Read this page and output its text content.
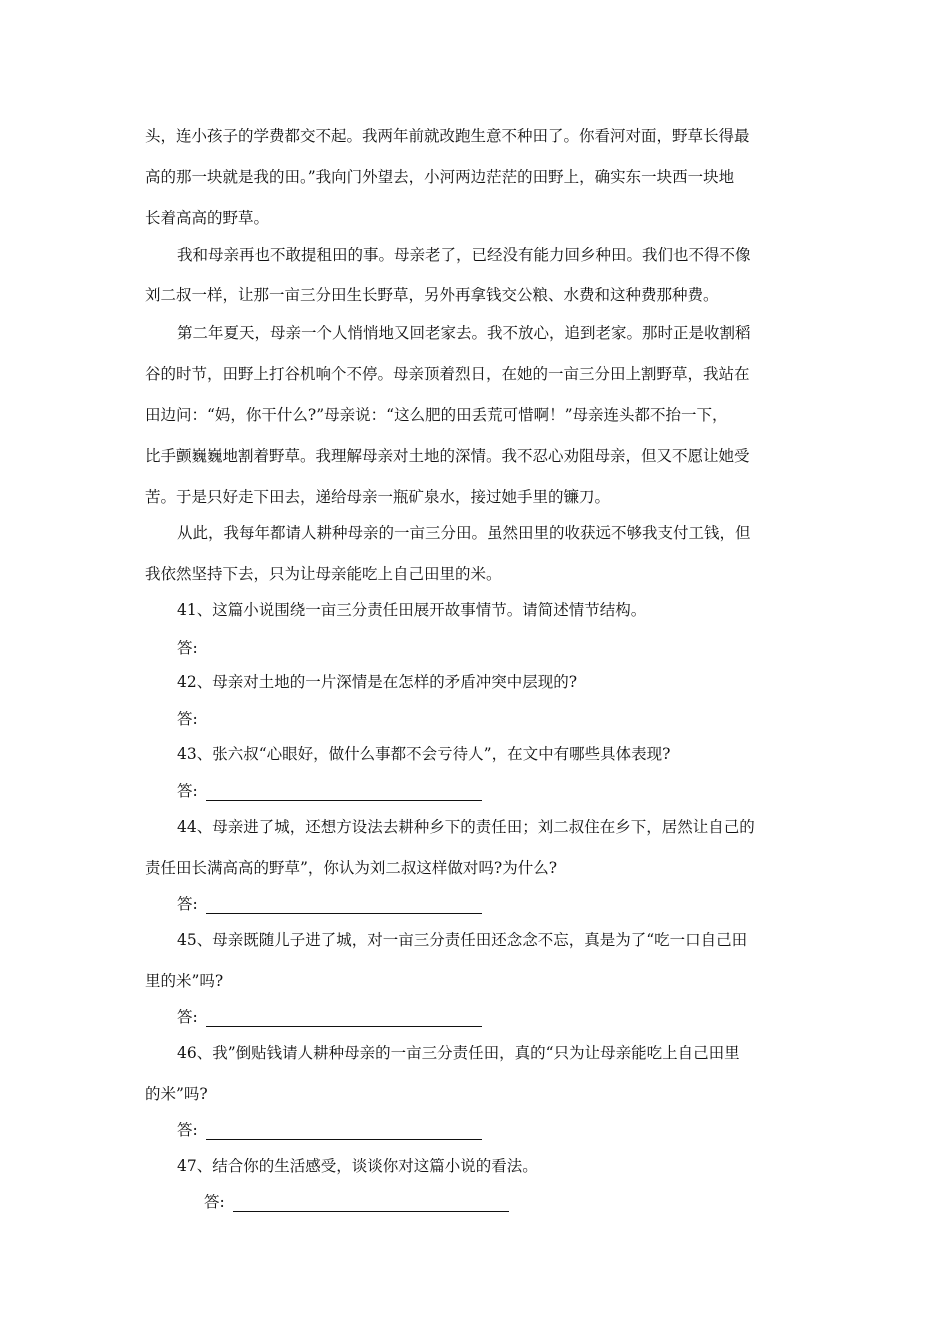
头，连小孩子的学费都交不起。我两年前就改跑生意不种田了。你看河对面，野草长得最
高的那一块就是我的田。”我向门外望去，小河两边茫茫的田野上，确实东一块西一块地
长着高高的野草。
我和母亲再也不敢提租田的事。母亲老了，已经没有能力回乡种田。我们也不得不像
刘二叔一样，让那一亩三分田生长野草，另外再拿钱交公粮、水费和这种费那种费。
第二年夏天，母亲一个人悄悄地又回老家去。我不放心，追到老家。那时正是收割稻
谷的时节，田野上打谷机响个不停。母亲顶着烈日，在她的一亩三分田上割野草，我站在
田边问：“妈，你干什么?”母亲说：“这么肥的田丢荒可惜啊！”母亲连头都不抬一下，
比手颤巍巍地割着野草。我理解母亲对土地的深情。我不忍心劝阻母亲，但又不愿让她受
苦。于是只好走下田去，递给母亲一瓶矿泉水，接过她手里的镰刀。
从此，我每年都请人耕种母亲的一亩三分田。虽然田里的收获远不够我支付工钱，但
我依然坚持下去，只为让母亲能吃上自己田里的米。
41、这篇小说围绕一亩三分责任田展开故事情节。请简述情节结构。
答:
42、母亲对土地的一片深情是在怎样的矛盾冲突中层现的?
答:
43、张六叔“心眼好，做什么事都不会亏待人”，在文中有哪些具体表现?
答:
44、母亲进了城，还想方设法去耕种乡下的责任田；刘二叔住在乡下，居然让自己的
责任田长满高高的野草”，你认为刘二叔这样做对吗?为什么?
答:
45、母亲既随儿子进了城，对一亩三分责任田还念念不忘，真是为了“吃一口自己田
里的米”吗?
答:
46、我”倒贴钱请人耕种母亲的一亩三分责任田，真的“只为让母亲能吃上自己田里
的米”吗?
答:
47、结合你的生活感受，谈谈你对这篇小说的看法。
答:
